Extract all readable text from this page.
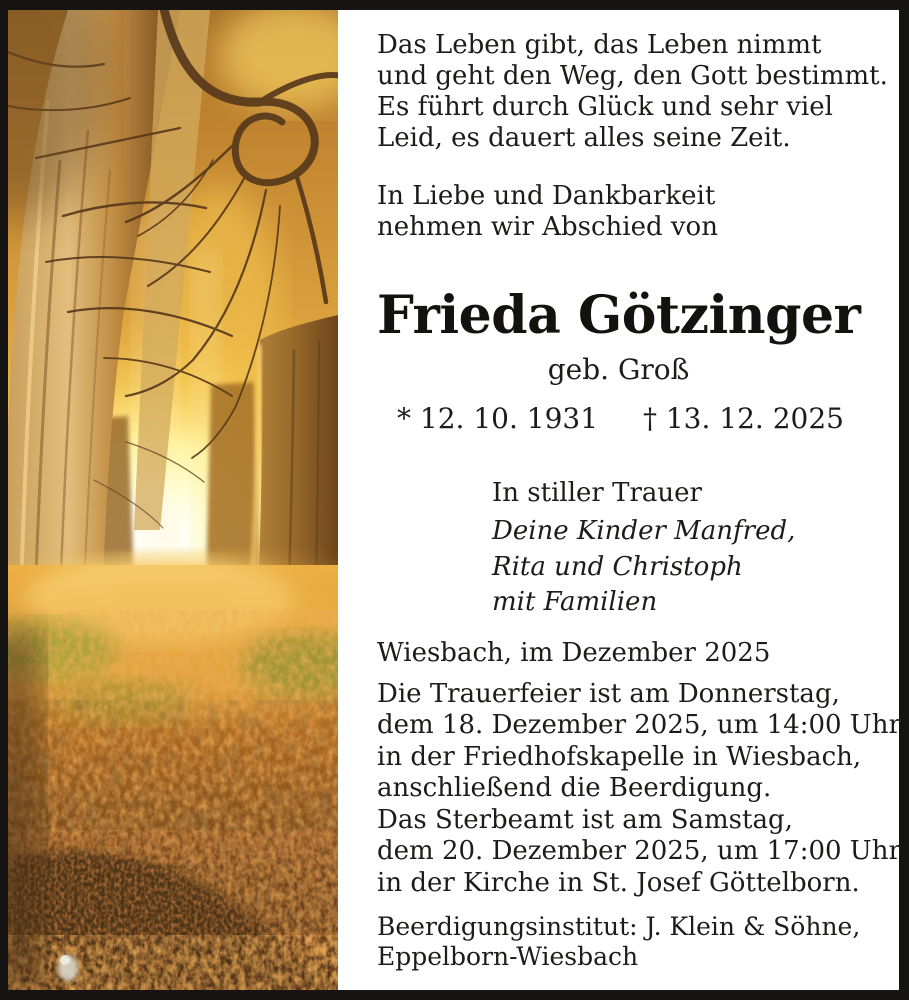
Das Leben gibt, das Leben nimmt
und geht den Weg, den Gott bestimmt.
Es führt durch Glück und sehr viel
Leid, es dauert alles seine Zeit.
In Liebe und Dankbarkeit
nehmen wir Abschied von
Frieda Götzinger
geb. Groß
* 12. 10. 1931 † 13. 12. 2025
In stiller Trauer
Deine Kinder Manfred,
Rita und Christoph
mit Familien
Wiesbach, im Dezember 2025
Die Trauerfeier ist am Donnerstag,
dem 18. Dezember 2025, um 14:00 Uhr
in der Friedhofskapelle in Wiesbach,
anschließend die Beerdigung.
Das Sterbeamt ist am Samstag,
dem 20. Dezember 2025, um 17:00 Uhr
in der Kirche in St. Josef Göttelborn.
Beerdigungsinstitut: J. Klein & Söhne,
Eppelborn-Wiesbach
